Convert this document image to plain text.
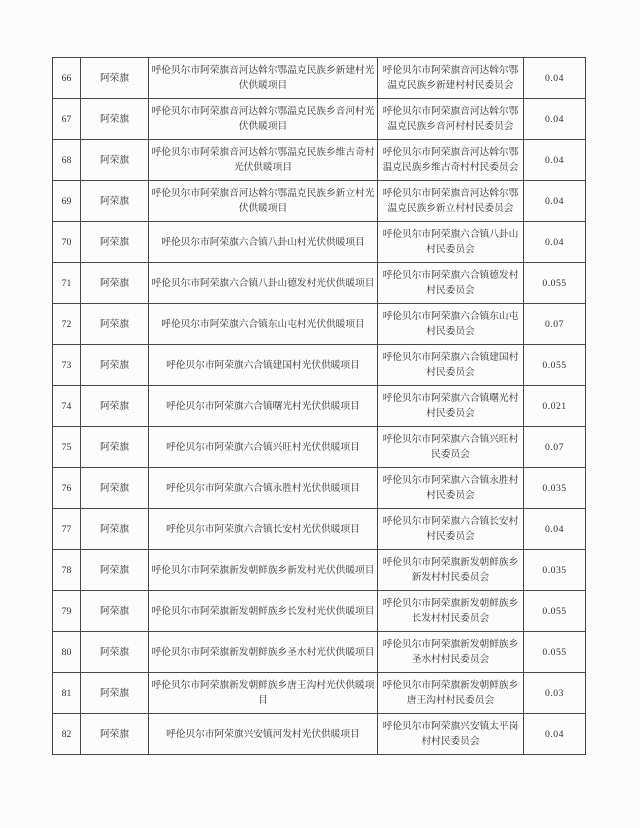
66	阿荣旗	呼伦贝尔市阿荣旗音河达斡尔鄂温克民族乡新建村光伏供暖项目	呼伦贝尔市阿荣旗音河达斡尔鄂温克民族乡新建村村民委员会	0.04
67	阿荣旗	呼伦贝尔市阿荣旗音河达斡尔鄂温克民族乡音河村光伏供暖项目	呼伦贝尔市阿荣旗音河达斡尔鄂温克民族乡音河村村民委员会	0.04
68	阿荣旗	呼伦贝尔市阿荣旗音河达斡尔鄂温克民族乡维古奇村光伏供暖项目	呼伦贝尔市阿荣旗音河达斡尔鄂温克民族乡维古奇村村民委员会	0.04
69	阿荣旗	呼伦贝尔市阿荣旗音河达斡尔鄂温克民族乡新立村光伏供暖项目	呼伦贝尔市阿荣旗音河达斡尔鄂温克民族乡新立村村民委员会	0.04
70	阿荣旗	呼伦贝尔市阿荣旗六合镇八卦山村光伏供暖项目	呼伦贝尔市阿荣旗六合镇八卦山村民委员会	0.04
71	阿荣旗	呼伦贝尔市阿荣旗六合镇八卦山德发村光伏供暖项目	呼伦贝尔市阿荣旗六合镇德发村村民委员会	0.055
72	阿荣旗	呼伦贝尔市阿荣旗六合镇东山屯村光伏供暖项目	呼伦贝尔市阿荣旗六合镇东山屯村民委员会	0.07
73	阿荣旗	呼伦贝尔市阿荣旗六合镇建国村光伏供暖项目	呼伦贝尔市阿荣旗六合镇建国村村民委员会	0.055
74	阿荣旗	呼伦贝尔市阿荣旗六合镇曙光村光伏供暖项目	呼伦贝尔市阿荣旗六合镇曙光村村民委员会	0.021
75	阿荣旗	呼伦贝尔市阿荣旗六合镇兴旺村光伏供暖项目	呼伦贝尔市阿荣旗六合镇兴旺村民委员会	0.07
76	阿荣旗	呼伦贝尔市阿荣旗六合镇永胜村光伏供暖项目	呼伦贝尔市阿荣旗六合镇永胜村村民委员会	0.035
77	阿荣旗	呼伦贝尔市阿荣旗六合镇长安村光伏供暖项目	呼伦贝尔市阿荣旗六合镇长安村村民委员会	0.04
78	阿荣旗	呼伦贝尔市阿荣旗新发朝鲜族乡新发村光伏供暖项目	呼伦贝尔市阿荣旗新发朝鲜族乡新发村村民委员会	0.035
79	阿荣旗	呼伦贝尔市阿荣旗新发朝鲜族乡长发村光伏供暖项目	呼伦贝尔市阿荣旗新发朝鲜族乡长发村村民委员会	0.055
80	阿荣旗	呼伦贝尔市阿荣旗新发朝鲜族乡圣水村光伏供暖项目	呼伦贝尔市阿荣旗新发朝鲜族乡圣水村村民委员会	0.055
81	阿荣旗	呼伦贝尔市阿荣旗新发朝鲜族乡唐王沟村光伏供暖项目	呼伦贝尔市阿荣旗新发朝鲜族乡唐王沟村村民委员会	0.03
82	阿荣旗	呼伦贝尔市阿荣旗兴安镇河发村光伏供暖项目	呼伦贝尔市阿荣旗兴安镇太平岗村村民委员会	0.04
